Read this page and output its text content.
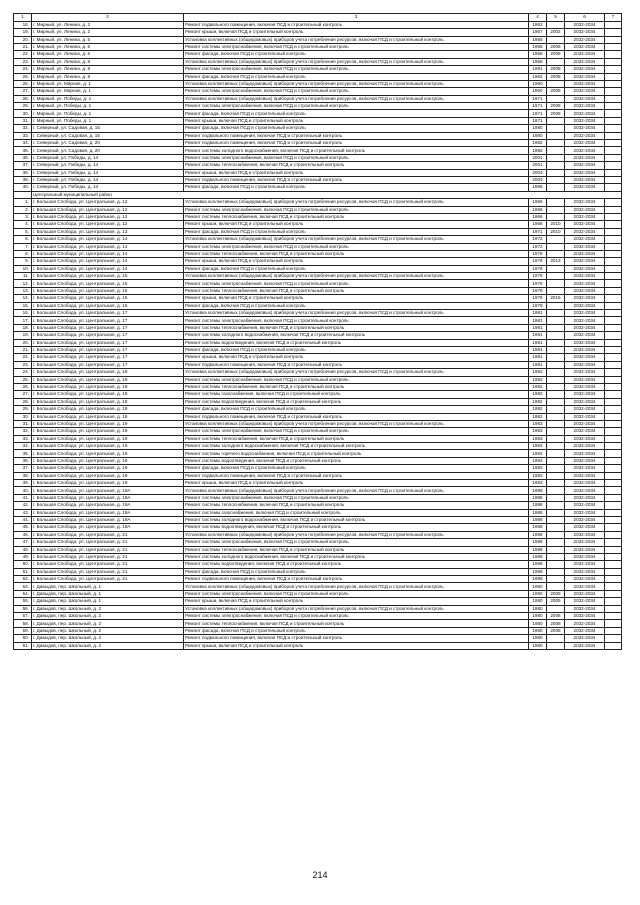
1	2	3	4	5	6	7
18.	г. Мирный, ул. Ленина, д. 2	Ремонт подвального помещения, включая ПСД и строительный контроль	1963		2032-2034	
19.	г. Мирный, ул. Ленина, д. 2	Ремонт крыши, включая ПСД и строительный контроль	1967	2002	2032-2034	
20.	г. Мирный, ул. Ленина, д. 5	Установка коллективных (общедомовых) приборов учета потребления ресурсов, включая ПСД и строительный контроль	1958		2032-2034	
21.	г. Мирный, ул. Ленина, д. 5	Ремонт системы электроснабжения, включая ПСД и строительный контроль	1958	2008	2032-2034	
22.	г. Мирный, ул. Ленина, д. 6	Ремонт фасада, включая ПСД и строительный контроль	1958	2008	2032-2034	
23.	г. Мирный, ул. Ленина, д. 8	Установка коллективных (общедомовых) приборов учета потребления ресурсов, включая ПСД и строительный контроль	1958		2032-2034	
24.	г. Мирный, ул. Ленина, д. 8	Ремонт системы электроснабжения, включая ПСД и строительный контроль	1991	2008	2032-2034	
25.	г. Мирный, ул. Ленина, д. 8	Ремонт фасада, включая ПСД и строительный контроль	1962	2008	2032-2034	
26.	г. Мирный, ул. Мирная, д. 1	Установка коллективных (общедомовых) приборов учета потребления ресурсов, включая ПСД и строительный контроль	1960		2032-2034	
27.	г. Мирный, ул. Мирная, д. 1	Ремонт системы электроснабжения, включая ПСД и строительный контроль	1960	2008	2032-2034	
28.	г. Мирный, ул. Победы, д. 1	Установка коллективных (общедомовых) приборов учета потребления ресурсов, включая ПСД и строительный контроль	1971		2032-2034	
29.	г. Мирный, ул. Победы, д. 1	Ремонт системы электроснабжения, включая ПСД и строительный контроль	1971	2008	2032-2034	
30.	г. Мирный, ул. Победы, д. 1	Ремонт фасада, включая ПСД и строительный контроль	1971	2008	2032-2034	
31.	г. Мирный, ул. Победы, д. 1	Ремонт крыши, включая ПСД и строительный контроль	1971		2032-2034	
32.	г. Северный, ул. Садовая, д. 15	Ремонт фасада, включая ПСД и строительный контроль	1980		2032-2034	
33.	г. Северный, ул. Садовая, д. 15	Ремонт подвального помещения, включая ПСД и строительный контроль	1980		2032-2034	
34.	г. Северный, ул. Садовая, д. 20	Ремонт подвального помещения, включая ПСД и строительный контроль	1982		2032-2034	
35.	г. Северный, ул. Садовая, д. 20	Ремонт системы холодного водоснабжения, включая ПСД и строительный контроль	1982		2032-2034	
36.	г. Северный, ул. Победы, д. 14	Ремонт системы электроснабжения, включая ПСД и строительный контроль	2001		2032-2034	
37.	г. Северный, ул. Победы, д. 14	Ремонт системы теплоснабжения, включая ПСД и строительный контроль	2001		2032-2034	
38.	г. Северный, ул. Победы, д. 14	Ремонт крыши, включая ПСД и строительный контроль	2003		2032-2034	
39.	г. Северный, ул. Победы, д. 14	Ремонт подвального помещения, включая ПСД и строительный контроль	2003		2032-2034	
40.	г. Северный, ул. Победы, д. 14	Ремонт фасада, включая ПСД и строительный контроль	1986		2032-2034	
	Центральный муниципальный район					
1.	г. Большая Слобода, ул. Центральная, д. 12	Установка коллективных (общедомовых) приборов учета потребления ресурсов, включая ПСД и строительный контроль	1966		2032-2034	
2.	г. Большая Слобода, ул. Центральная, д. 12	Ремонт системы электроснабжения, включая ПСД и строительный контроль	1966		2032-2034	
3.	г. Большая Слобода, ул. Центральная, д. 12	Ремонт системы теплоснабжения, включая ПСД и строительный контроль	1966		2032-2034	
4.	г. Большая Слобода, ул. Центральная, д. 12	Ремонт крыши, включая ПСД и строительный контроль	1966	2010	2032-2034	
5.	г. Большая Слобода, ул. Центральная, д. 13	Ремонт фасада, включая ПСД и строительный контроль	1971	2010	2032-2034	
6.	г. Большая Слобода, ул. Центральная, д. 14	Установка коллективных (общедомовых) приборов учета потребления ресурсов, включая ПСД и строительный контроль	1972		2032-2034	
7.	г. Большая Слобода, ул. Центральная, д. 14	Ремонт системы электроснабжения, включая ПСД и строительный контроль	1972		2032-2034	
8.	г. Большая Слобода, ул. Центральная, д. 14	Ремонт системы теплоснабжения, включая ПСД и строительный контроль	1978		2032-2034	
9.	г. Большая Слобода, ул. Центральная, д. 14	Ремонт крыши, включая ПСД и строительный контроль	1978	2013	2032-2034	
10.	г. Большая Слобода, ул. Центральная, д. 14	Ремонт фасада, включая ПСД и строительный контроль	1978		2032-2034	
11.	г. Большая Слобода, ул. Центральная, д. 15	Установка коллективных (общедомовых) приборов учета потребления ресурсов, включая ПСД и строительный контроль	1979		2032-2034	
12.	г. Большая Слобода, ул. Центральная, д. 15	Ремонт системы электроснабжения, включая ПСД и строительный контроль	1979		2032-2034	
13.	г. Большая Слобода, ул. Центральная, д. 15	Ремонт системы теплоснабжения, включая ПСД и строительный контроль	1979		2032-2034	
14.	г. Большая Слобода, ул. Центральная, д. 15	Ремонт крыши, включая ПСД и строительный контроль	1979	2015	2032-2034	
15.	г. Большая Слобода, ул. Центральная, д. 15	Ремонт фасада, включая ПСД и строительный контроль	1979		2032-2034	
16.	г. Большая Слобода, ул. Центральная, д. 17	Установка коллективных (общедомовых) приборов учета потребления ресурсов, включая ПСД и строительный контроль	1981		2032-2034	
17.	г. Большая Слобода, ул. Центральная, д. 17	Ремонт системы электроснабжения, включая ПСД и строительный контроль	1981		2032-2034	
18.	г. Большая Слобода, ул. Центральная, д. 17	Ремонт системы теплоснабжения, включая ПСД и строительный контроль	1981		2032-2034	
19.	г. Большая Слобода, ул. Центральная, д. 17	Ремонт системы холодного водоснабжения, включая ПСД и строительный контроль	1981		2032-2034	
20.	г. Большая Слобода, ул. Центральная, д. 17	Ремонт системы водоотведения, включая ПСД и строительный контроль	1981		2032-2034	
21.	г. Большая Слобода, ул. Центральная, д. 17	Ремонт фасада, включая ПСД и строительный контроль	1981		2032-2034	
22.	г. Большая Слобода, ул. Центральная, д. 17	Ремонт крыши, включая ПСД и строительный контроль	1981		2032-2034	
23.	г. Большая Слобода, ул. Центральная, д. 17	Ремонт подвального помещения, включая ПСД и строительный контроль	1981		2032-2034	
24.	г. Большая Слобода, ул. Центральная, д. 18	Установка коллективных (общедомовых) приборов учета потребления ресурсов, включая ПСД и строительный контроль	1982		2032-2034	
25.	г. Большая Слобода, ул. Центральная, д. 18	Ремонт системы электроснабжения, включая ПСД и строительный контроль	1982		2032-2034	
26.	г. Большая Слобода, ул. Центральная, д. 18	Ремонт системы теплоснабжения, включая ПСД и строительный контроль	1982		2032-2034	
27.	г. Большая Слобода, ул. Центральная, д. 18	Ремонт системы газоснабжения, включая ПСД и строительный контроль	1982		2032-2034	
28.	г. Большая Слобода, ул. Центральная, д. 18	Ремонт системы водоотведения, включая ПСД и строительный контроль	1982		2032-2034	
29.	г. Большая Слобода, ул. Центральная, д. 18	Ремонт фасада, включая ПСД и строительный контроль	1982		2032-2034	
30.	г. Большая Слобода, ул. Центральная, д. 18	Ремонт подвального помещения, включая ПСД и строительный контроль	1982		2032-2034	
31.	г. Большая Слобода, ул. Центральная, д. 19	Установка коллективных (общедомовых) приборов учета потребления ресурсов, включая ПСД и строительный контроль	1983		2032-2034	
32.	г. Большая Слобода, ул. Центральная, д. 19	Ремонт системы электроснабжения, включая ПСД и строительный контроль	1983		2032-2034	
33.	г. Большая Слобода, ул. Центральная, д. 19	Ремонт системы теплоснабжения, включая ПСД и строительный контроль	1983		2032-2034	
34.	г. Большая Слобода, ул. Центральная, д. 19	Ремонт системы холодного водоснабжения, включая ПСД и строительный контроль	1983		2032-2034	
35.	г. Большая Слобода, ул. Центральная, д. 19	Ремонт системы горячего водоснабжения, включая ПСД и строительный контроль	1983		2032-2034	
36.	г. Большая Слобода, ул. Центральная, д. 19	Ремонт системы водоотведения, включая ПСД и строительный контроль	1983		2032-2034	
37.	г. Большая Слобода, ул. Центральная, д. 19	Ремонт фасада, включая ПСД и строительный контроль	1983		2032-2034	
38.	г. Большая Слобода, ул. Центральная, д. 19	Ремонт подвального помещения, включая ПСД и строительный контроль	1983		2032-2034	
39.	г. Большая Слобода, ул. Центральная, д. 19	Ремонт крыши, включая ПСД и строительный контроль	1983		2032-2034	
40.	г. Большая Слобода, ул. Центральная, д. 19А	Установка коллективных (общедомовых) приборов учета потребления ресурсов, включая ПСД и строительный контроль	1988		2032-2034	
41.	г. Большая Слобода, ул. Центральная, д. 19А	Ремонт системы электроснабжения, включая ПСД и строительный контроль	1988		2032-2034	
42.	г. Большая Слобода, ул. Центральная, д. 19А	Ремонт системы теплоснабжения, включая ПСД и строительный контроль	1988		2032-2034	
43.	г. Большая Слобода, ул. Центральная, д. 19А	Ремонт системы газоснабжения, включая ПСД и строительный контроль	1988		2032-2034	
44.	г. Большая Слобода, ул. Центральная, д. 19А	Ремонт системы холодного водоснабжения, включая ПСД и строительный контроль	1988		2032-2034	
45.	г. Большая Слобода, ул. Центральная, д. 19А	Ремонт системы водоотведения, включая ПСД и строительный контроль	1988		2032-2034	
46.	г. Большая Слобода, ул. Центральная, д. 21	Установка коллективных (общедомовых) приборов учета потребления ресурсов, включая ПСД и строительный контроль	1988		2032-2034	
47.	г. Большая Слобода, ул. Центральная, д. 21	Ремонт системы электроснабжения, включая ПСД и строительный контроль	1988		2032-2034	
48.	г. Большая Слобода, ул. Центральная, д. 21	Ремонт системы теплоснабжения, включая ПСД и строительный контроль	1988		2032-2034	
49.	г. Большая Слобода, ул. Центральная, д. 21	Ремонт системы холодного водоснабжения, включая ПСД и строительный контроль	1988		2032-2034	
50.	г. Большая Слобода, ул. Центральная, д. 21	Ремонт системы водоотведения, включая ПСД и строительный контроль	1988		2032-2034	
51.	г. Большая Слобода, ул. Центральная, д. 21	Ремонт фасада, включая ПСД и строительный контроль	1988		2032-2034	
52.	г. Большая Слобода, ул. Центральная, д. 21	Ремонт подвального помещения, включая ПСД и строительный контроль	1988		2032-2034	
53.	г. Давыдов, пер. Школьный, д. 1	Установка коллективных (общедомовых) приборов учета потребления ресурсов, включая ПСД и строительный контроль	1980		2032-2034	
54.	г. Давыдов, пер. Школьный, д. 1	Ремонт системы электроснабжения, включая ПСД и строительный контроль	1980	2005	2032-2034	
55.	г. Давыдов, пер. Школьный, д. 1	Ремонт крыши, включая ПСД и строительный контроль	1980	2005	2032-2034	
56.	г. Давыдов, пер. Школьный, д. 2	Установка коллективных (общедомовых) приборов учета потребления ресурсов, включая ПСД и строительный контроль	1980		2032-2034	
57.	г. Давыдов, пер. Школьный, д. 2	Ремонт системы электроснабжения, включая ПСД и строительный контроль	1980	2008	2032-2034	
58.	г. Давыдов, пер. Школьный, д. 2	Ремонт системы теплоснабжения, включая ПСД и строительный контроль	1980	2008	2032-2034	
59.	г. Давыдов, пер. Школьный, д. 2	Ремонт фасада, включая ПСД и строительный контроль	1980	2008	2032-2034	
60.	г. Давыдов, пер. Школьный, д. 2	Ремонт подвального помещения, включая ПСД и строительный контроль	1980		2032-2034	
61.	г. Давыдов, пер. Школьный, д. 2	Ремонт крыши, включая ПСД и строительный контроль	1980		2032-2034	
214
